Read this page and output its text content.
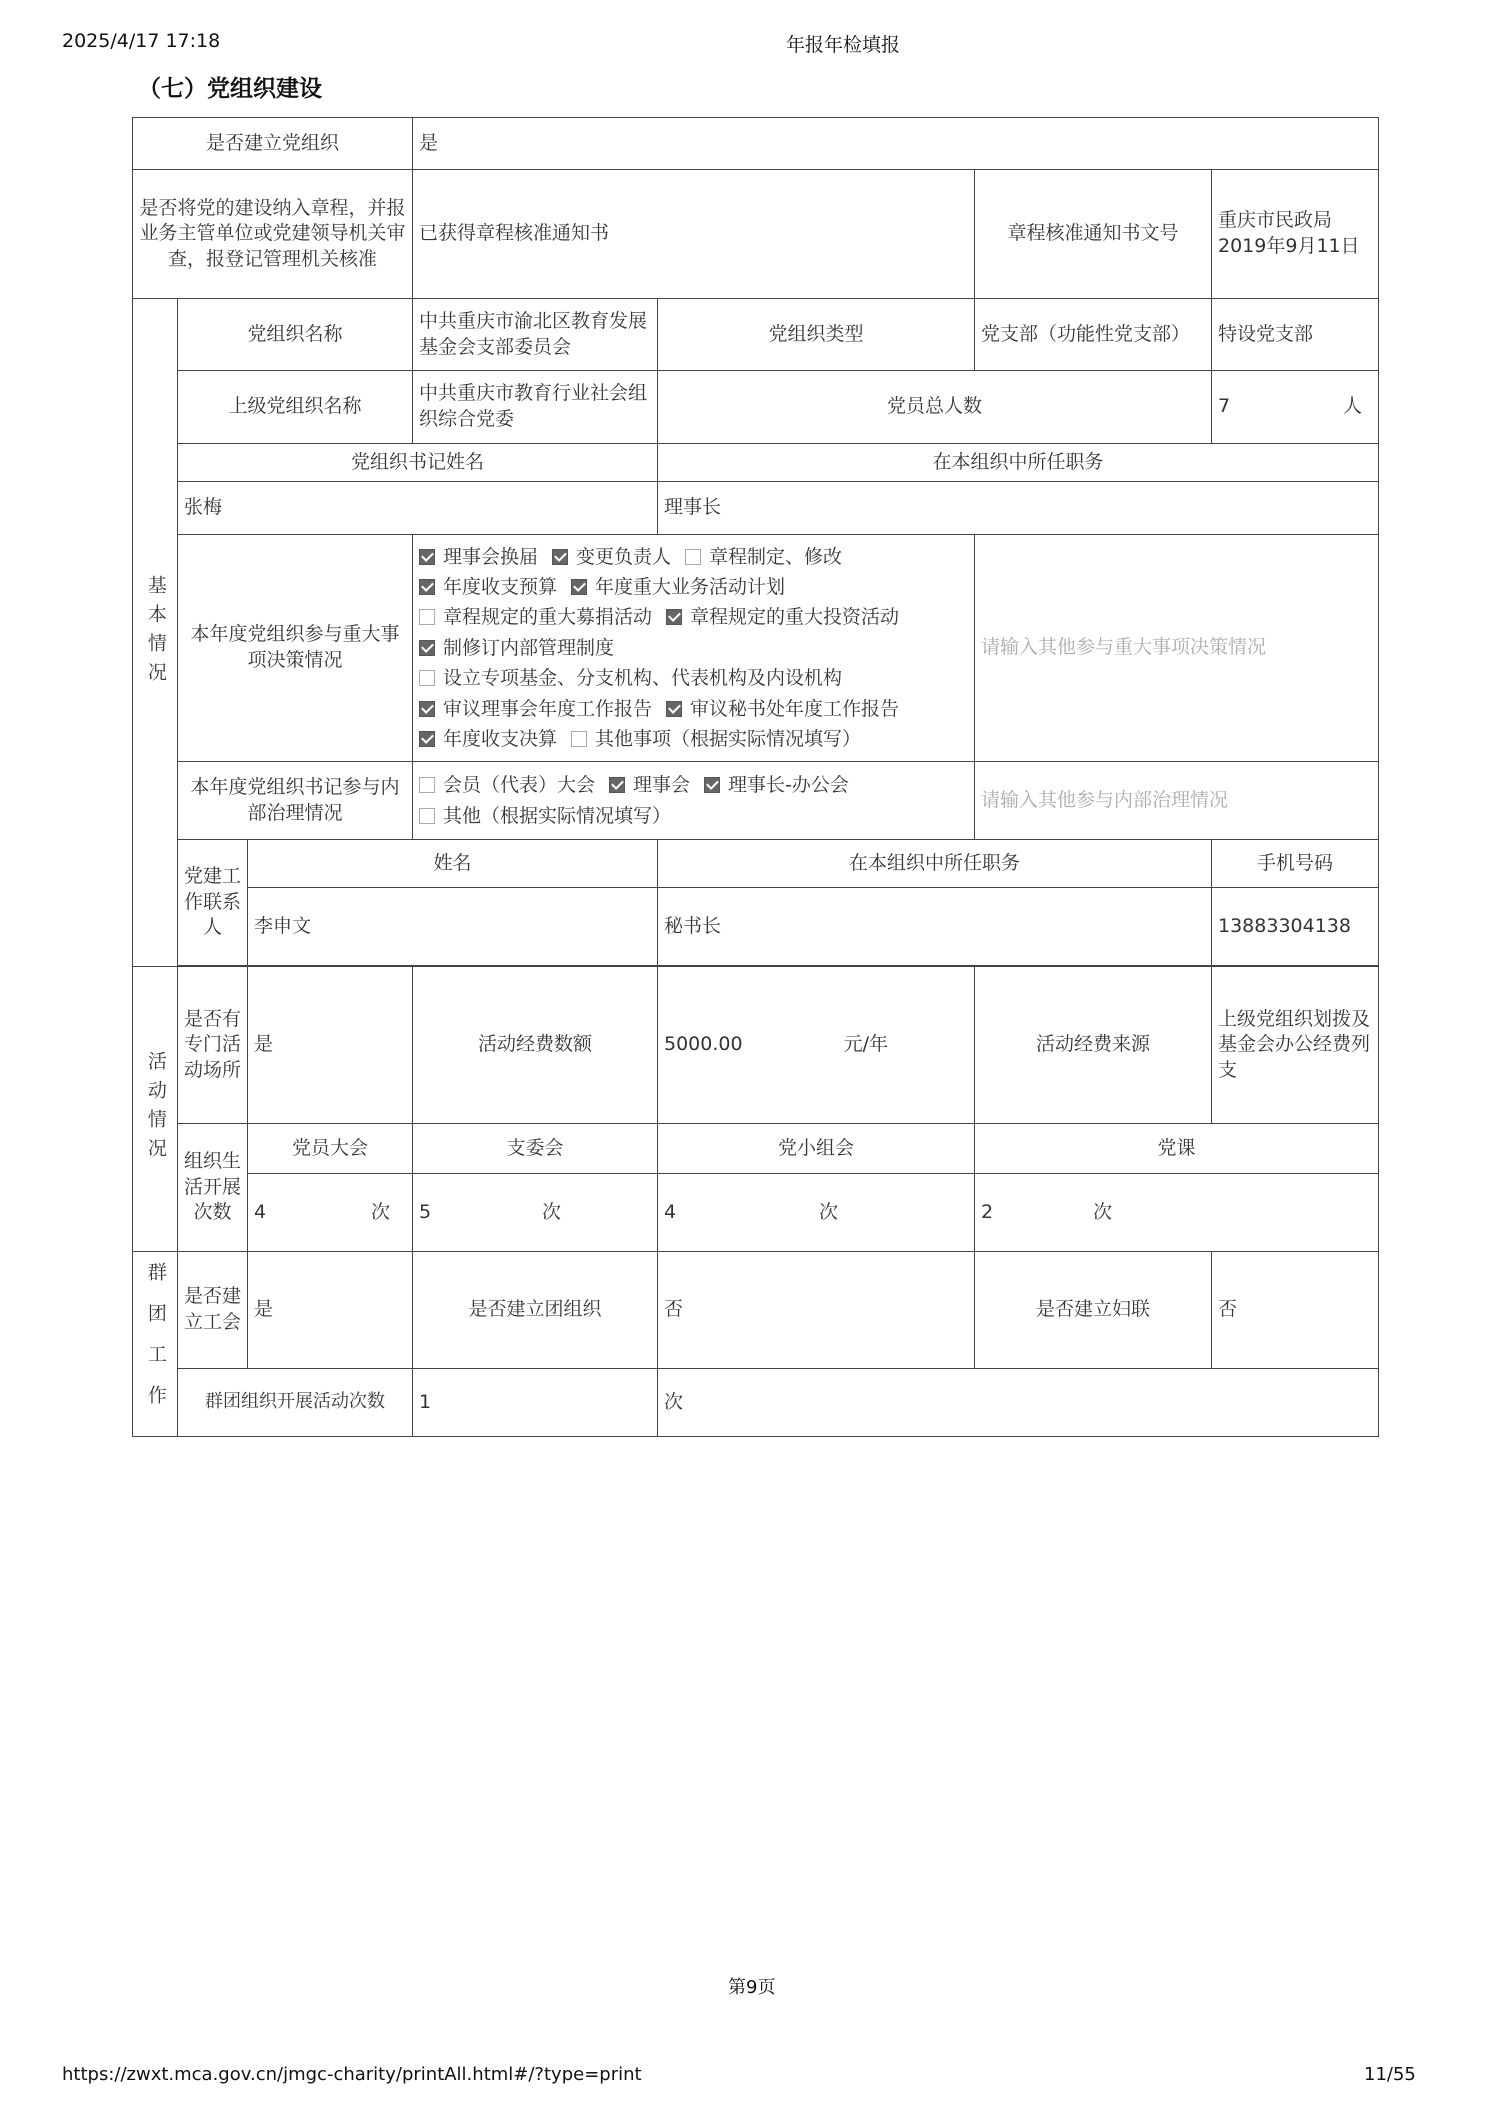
2025/4/17 17:18	年报年检填报
（七）党组织建设
是否建立党组织			是			
是否将党的建设纳入章程，并报业务主管单位或党建领导机关审查，报登记管理机关核准			已获得章程核准通知书		章程核准通知书文号	重庆市民政局2019年9月11日
基本情况	党组织名称		中共重庆市渝北区教育发展基金会支部委员会	党组织类型	党支部（功能性党支部）	特设党支部
	上级党组织名称		中共重庆市教育行业社会组织综合党委	党员总人数		7 人

	党组织书记姓名			在本组织中所任职务		
	张梅			理事长		
	本年度党组织参与重大事项决策情况		理事会换届 变更负责人 章程制定、修改年度收支预算 年度重大业务活动计划章程规定的重大募捐活动 章程规定的重大投资活动制修订内部管理制度设立专项基金、分支机构、代表机构及内设机构审议理事会年度工作报告 审议秘书处年度工作报告年度收支决算 其他事项（根据实际情况填写）		请输入其他参与重大事项决策情况	
	本年度党组织书记参与内部治理情况		会员（代表）大会 理事会 理事长-办公会其他（根据实际情况填写）		请输入其他参与内部治理情况	
	党建工作联系人	姓名		在本组织中所任职务		手机号码
		李申文		秘书长		13883304138

活动情况	是否有专门活动场所	是	活动经费数额	5000.00 元/年	活动经费来源	上级党组织划拨及基金会办公经费列支
	组织生活开展次数	党员大会	支委会	党小组会	党课	

		4 次	5 次	4 次	2 次	

群团工作	是否建立工会	是	是否建立团组织	否	是否建立妇联	否
	群团组织开展活动次数		1	次		
第9页
https://zwxt.mca.gov.cn/jmgc-charity/printAll.html#/?type=print	11/55
